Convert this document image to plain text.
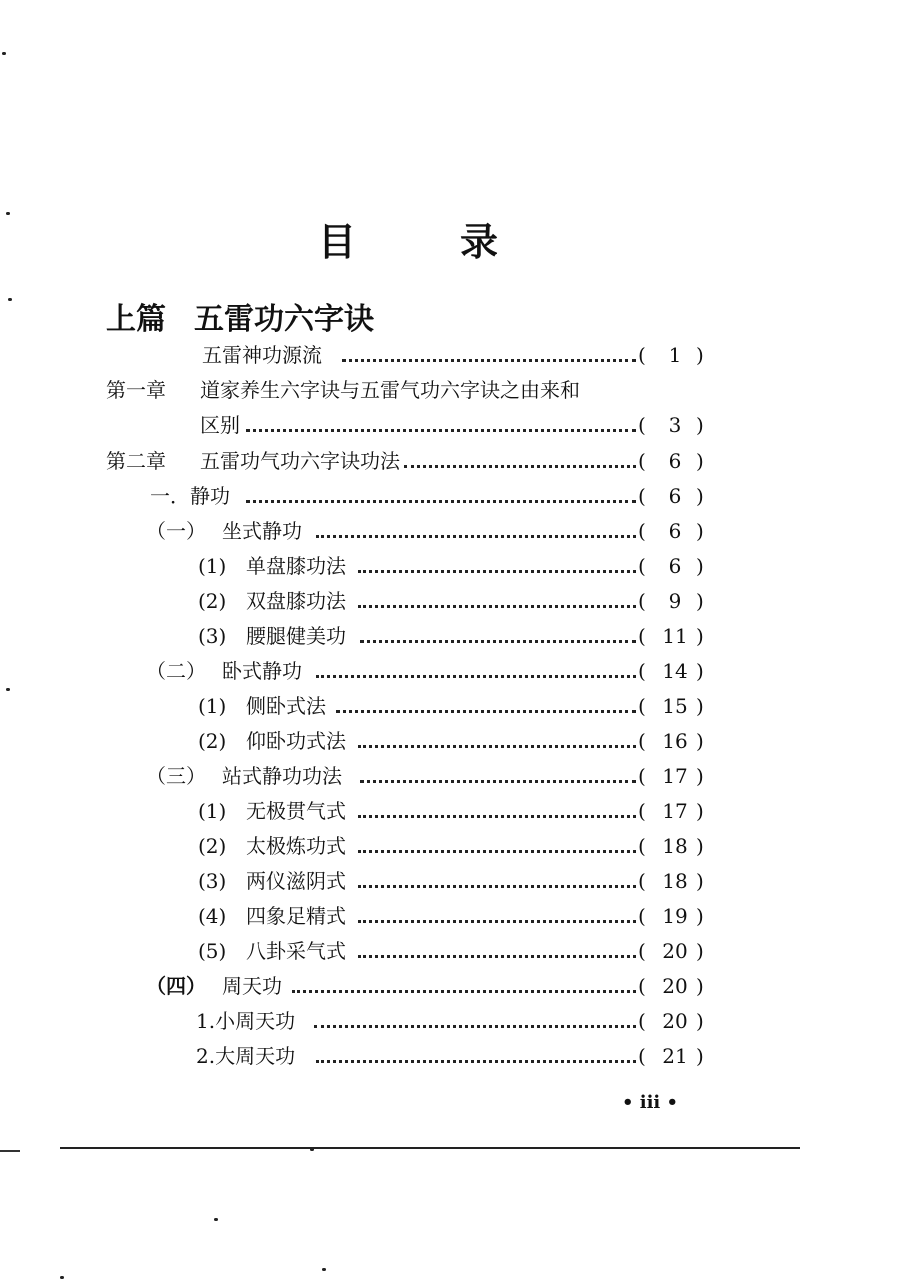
目	录
上篇 五雷功六字诀
五雷神功源流	(	1 )
第一章 道家养生六字诀与五雷气功六字诀之由来和
区别	(	3 )
第二章 五雷功气功六字诀功法	(	6 )
一．静功	(	6 )
（一） 坐式静功	(	6 )
(1) 单盘膝功法	(	6 )
(2) 双盘膝功法	(	9 )
(3) 腰腿健美功	( 11 )
（二） 卧式静功	( 14 )
(1) 侧卧式法	( 15 )
(2) 仰卧功式法	( 16 )
（三） 站式静功功法	( 17 )
(1) 无极贯气式	( 17 )
(2) 太极炼功式	( 18 )
(3) 两仪滋阴式	( 18 )
(4) 四象足精式	( 19 )
(5) 八卦采气式	( 20 )
（四） 周天功	( 20 )
1.小周天功	( 20 )
2.大周天功	( 21 )
• iii •
